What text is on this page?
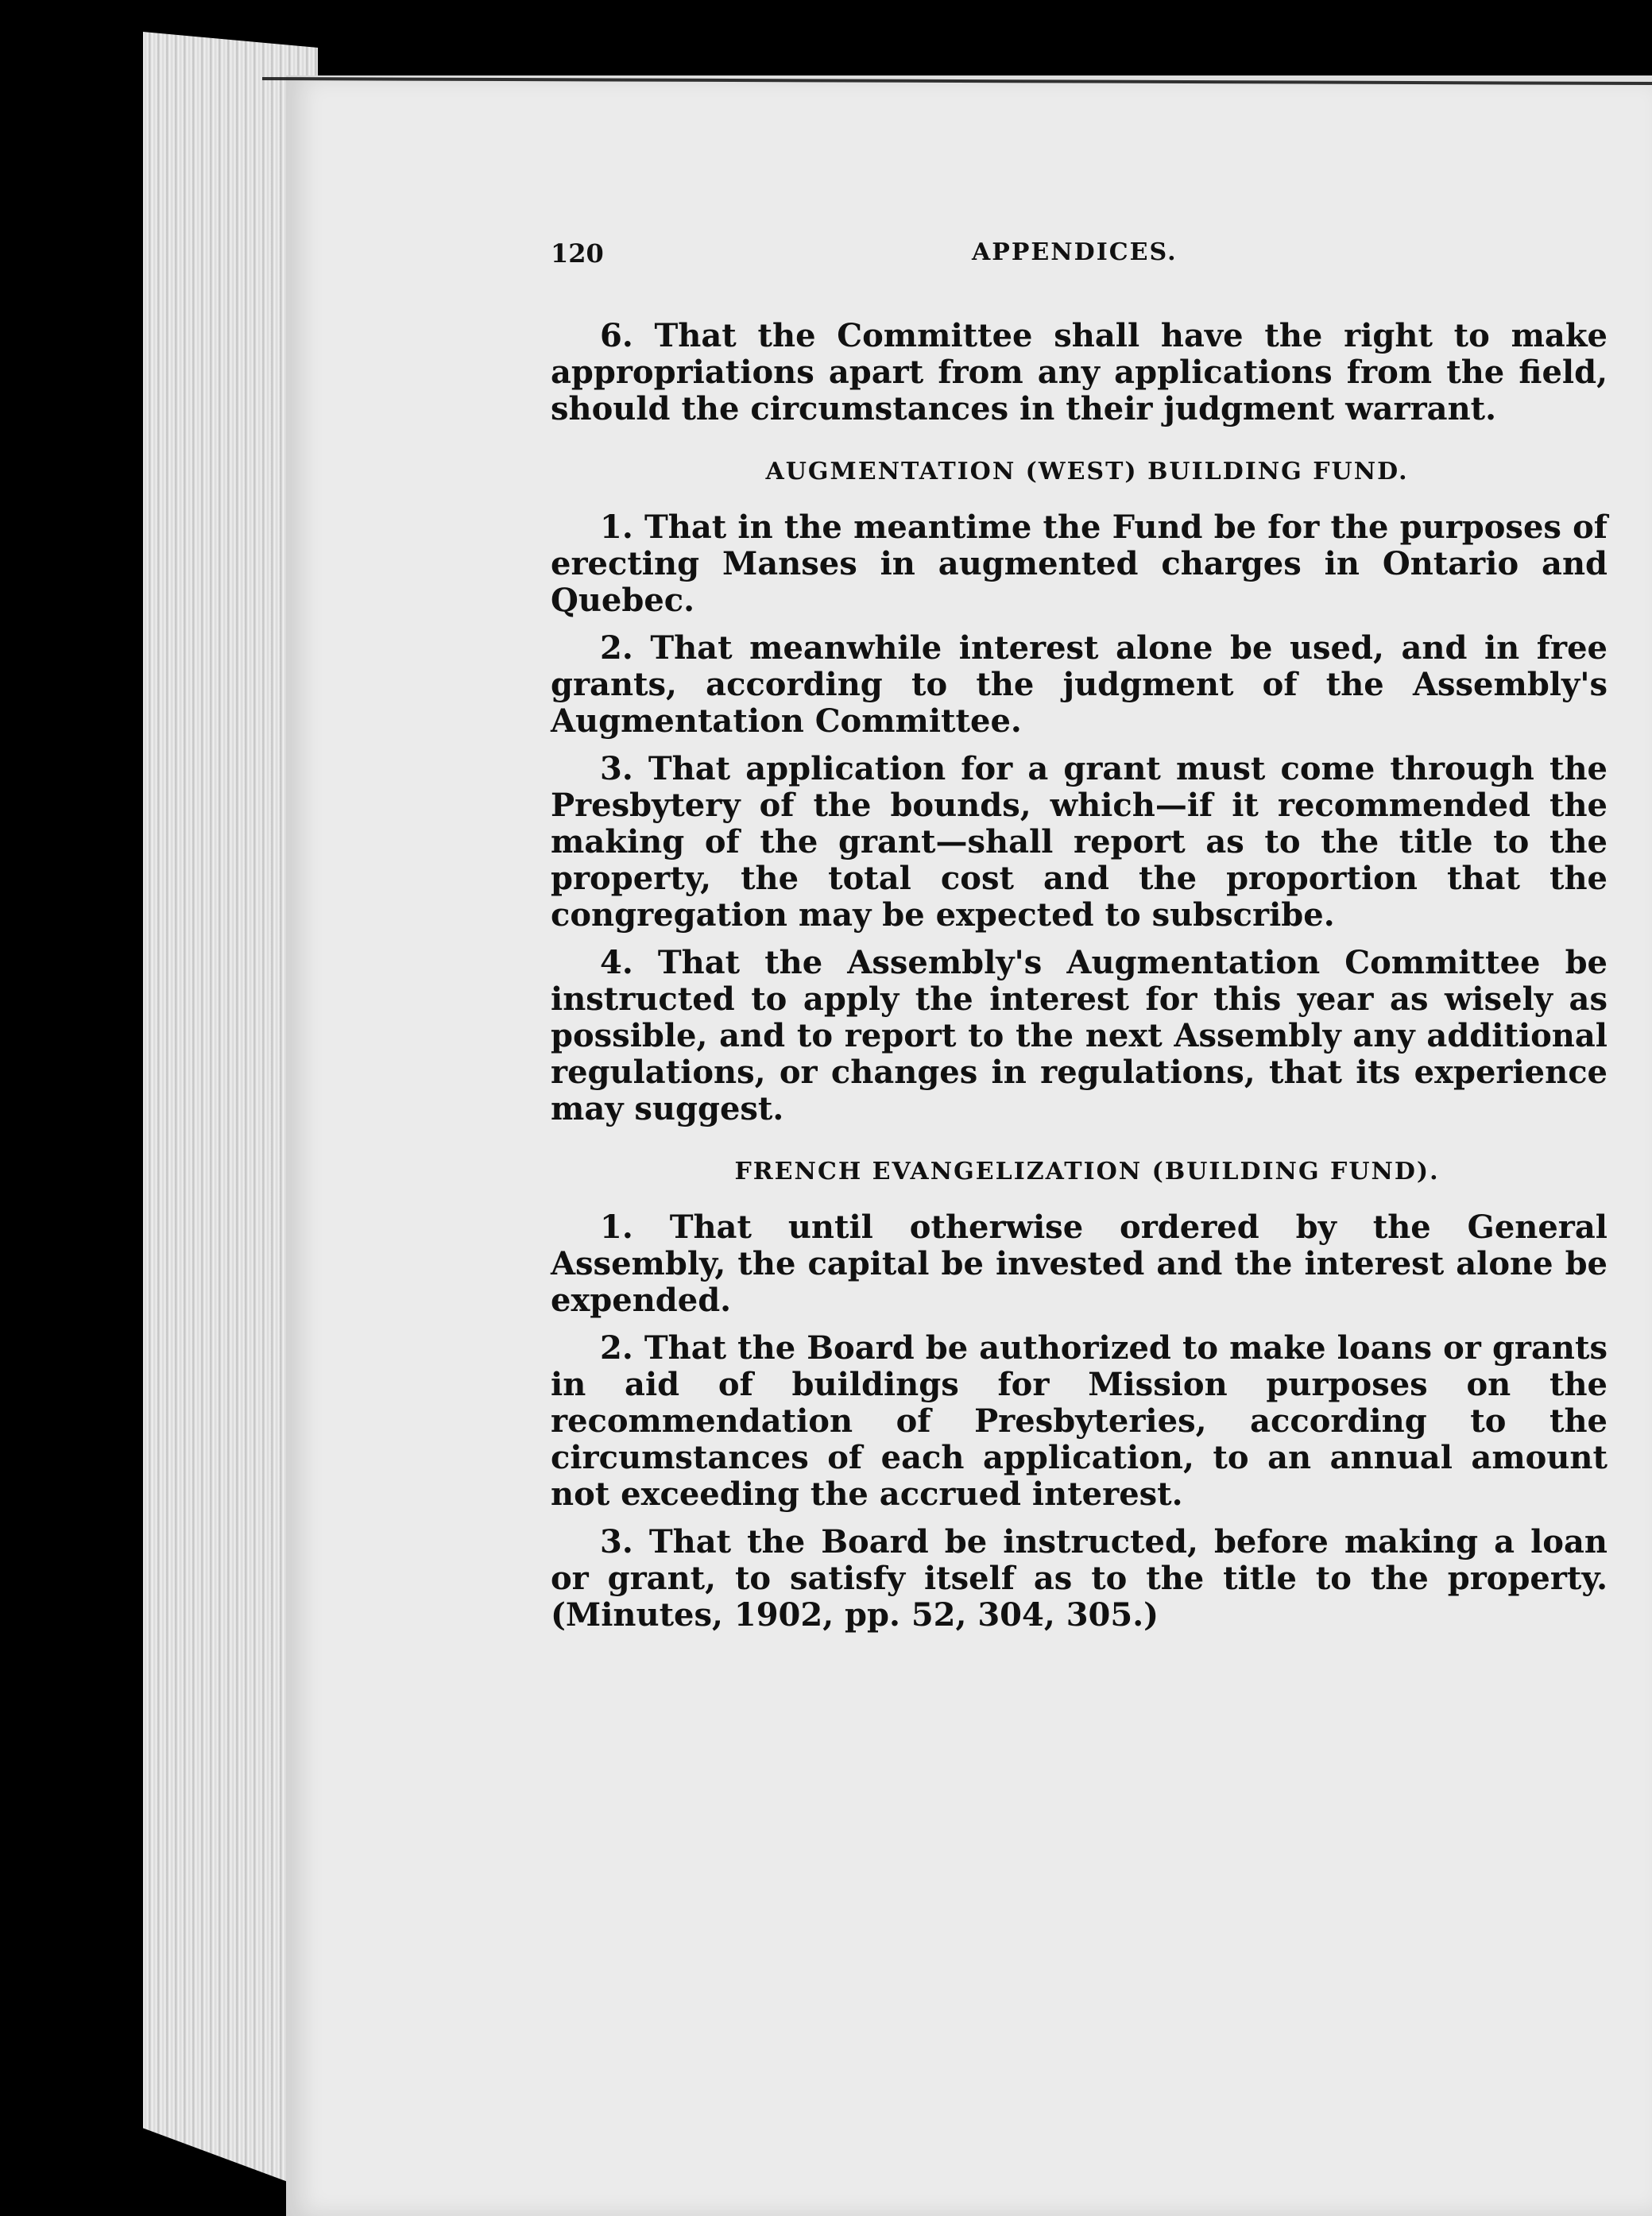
120	APPENDICES.

6. That the Committee shall have the right to make appropriations apart from any applications from the field, should the circumstances in their judgment warrant.

AUGMENTATION (WEST) BUILDING FUND.

1. That in the meantime the Fund be for the purposes of erecting Manses in augmented charges in Ontario and Quebec.

2. That meanwhile interest alone be used, and in free grants, according to the judgment of the Assembly's Augmentation Committee.

3. That application for a grant must come through the Presbytery of the bounds, which—if it recommended the making of the grant—shall report as to the title to the property, the total cost and the proportion that the congregation may be expected to subscribe.

4. That the Assembly's Augmentation Committee be instructed to apply the interest for this year as wisely as possible, and to report to the next Assembly any additional regulations, or changes in regulations, that its experience may suggest.

FRENCH EVANGELIZATION (BUILDING FUND).

1. That until otherwise ordered by the General Assembly, the capital be invested and the interest alone be expended.

2. That the Board be authorized to make loans or grants in aid of buildings for Mission purposes on the recommendation of Presbyteries, according to the circumstances of each application, to an annual amount not exceeding the accrued interest.

3. That the Board be instructed, before making a loan or grant, to satisfy itself as to the title to the property. (Minutes, 1902, pp. 52, 304, 305.)
